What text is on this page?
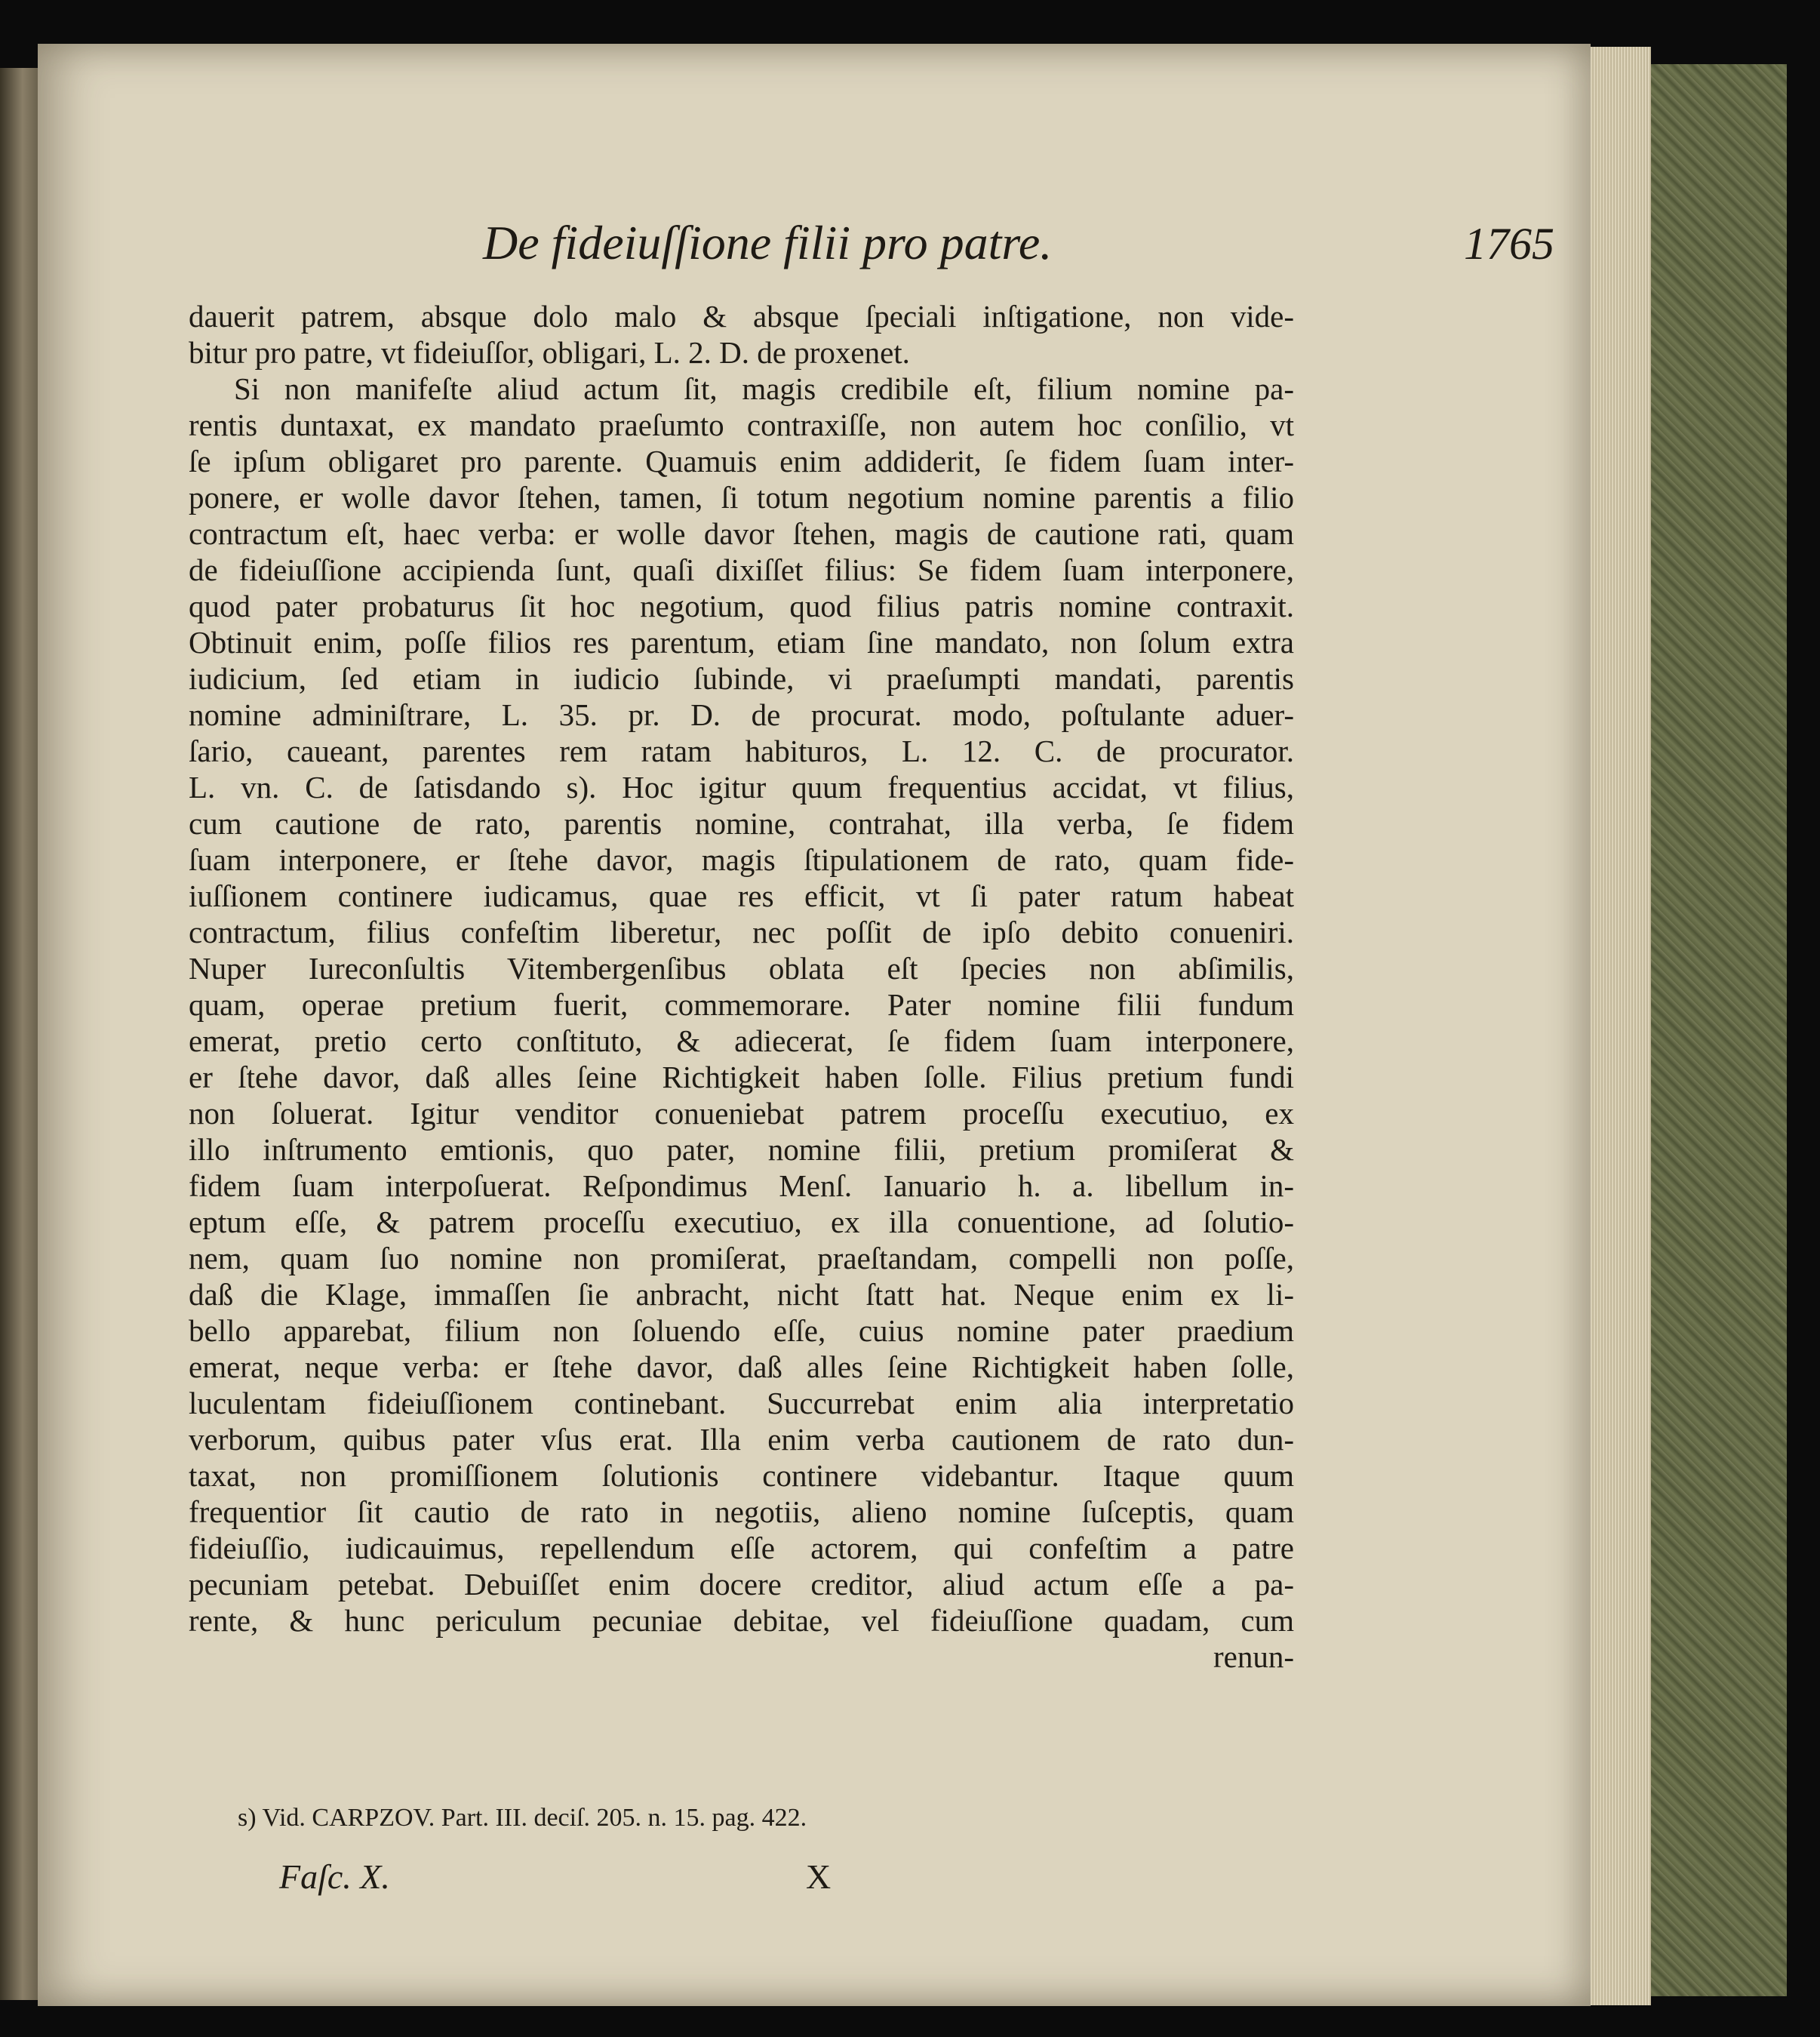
De fideiuſſione filii pro patre.	1765
dauerit patrem, absque dolo malo & absque ſpeciali inſtigatione, non vide-
bitur pro patre, vt fideiuſſor, obligari, L. 2. D. de proxenet.
Si non manifeſte aliud actum ſit, magis credibile eſt, filium nomine pa-
rentis duntaxat, ex mandato praeſumto contraxiſſe, non autem hoc conſilio, vt
ſe ipſum obligaret pro parente. Quamuis enim addiderit, ſe fidem ſuam inter-
ponere, er wolle davor ſtehen, tamen, ſi totum negotium nomine parentis a filio
contractum eſt, haec verba: er wolle davor ſtehen, magis de cautione rati, quam
de fideiuſſione accipienda ſunt, quaſi dixiſſet filius: Se fidem ſuam interponere,
quod pater probaturus ſit hoc negotium, quod filius patris nomine contraxit.
Obtinuit enim, poſſe filios res parentum, etiam ſine mandato, non ſolum extra
iudicium, ſed etiam in iudicio ſubinde, vi praeſumpti mandati, parentis
nomine adminiſtrare, L. 35. pr. D. de procurat. modo, poſtulante aduer-
ſario, caueant, parentes rem ratam habituros, L. 12. C. de procurator.
L. vn. C. de ſatisdando s). Hoc igitur quum frequentius accidat, vt filius,
cum cautione de rato, parentis nomine, contrahat, illa verba, ſe fidem
ſuam interponere, er ſtehe davor, magis ſtipulationem de rato, quam fide-
iuſſionem continere iudicamus, quae res efficit, vt ſi pater ratum habeat
contractum, filius confeſtim liberetur, nec poſſit de ipſo debito conueniri.
Nuper Iureconſultis Vitembergenſibus oblata eſt ſpecies non abſimilis,
quam, operae pretium fuerit, commemorare. Pater nomine filii fundum
emerat, pretio certo conſtituto, & adiecerat, ſe fidem ſuam interponere,
er ſtehe davor, daß alles ſeine Richtigkeit haben ſolle. Filius pretium fundi
non ſoluerat. Igitur venditor conueniebat patrem proceſſu executiuo, ex
illo inſtrumento emtionis, quo pater, nomine filii, pretium promiſerat &
fidem ſuam interpoſuerat. Reſpondimus Menſ. Ianuario h. a. libellum in-
eptum eſſe, & patrem proceſſu executiuo, ex illa conuentione, ad ſolutio-
nem, quam ſuo nomine non promiſerat, praeſtandam, compelli non poſſe,
daß die Klage, immaſſen ſie anbracht, nicht ſtatt hat. Neque enim ex li-
bello apparebat, filium non ſoluendo eſſe, cuius nomine pater praedium
emerat, neque verba: er ſtehe davor, daß alles ſeine Richtigkeit haben ſolle,
luculentam fideiuſſionem continebant. Succurrebat enim alia interpretatio
verborum, quibus pater vſus erat. Illa enim verba cautionem de rato dun-
taxat, non promiſſionem ſolutionis continere videbantur. Itaque quum
frequentior ſit cautio de rato in negotiis, alieno nomine ſuſceptis, quam
fideiuſſio, iudicauimus, repellendum eſſe actorem, qui confeſtim a patre
pecuniam petebat. Debuiſſet enim docere creditor, aliud actum eſſe a pa-
rente, & hunc periculum pecuniae debitae, vel fideiuſſione quadam, cum
renun-
s) Vid. CARPZOV. Part. III. deciſ. 205. n. 15. pag. 422.
Faſc. X.	X
